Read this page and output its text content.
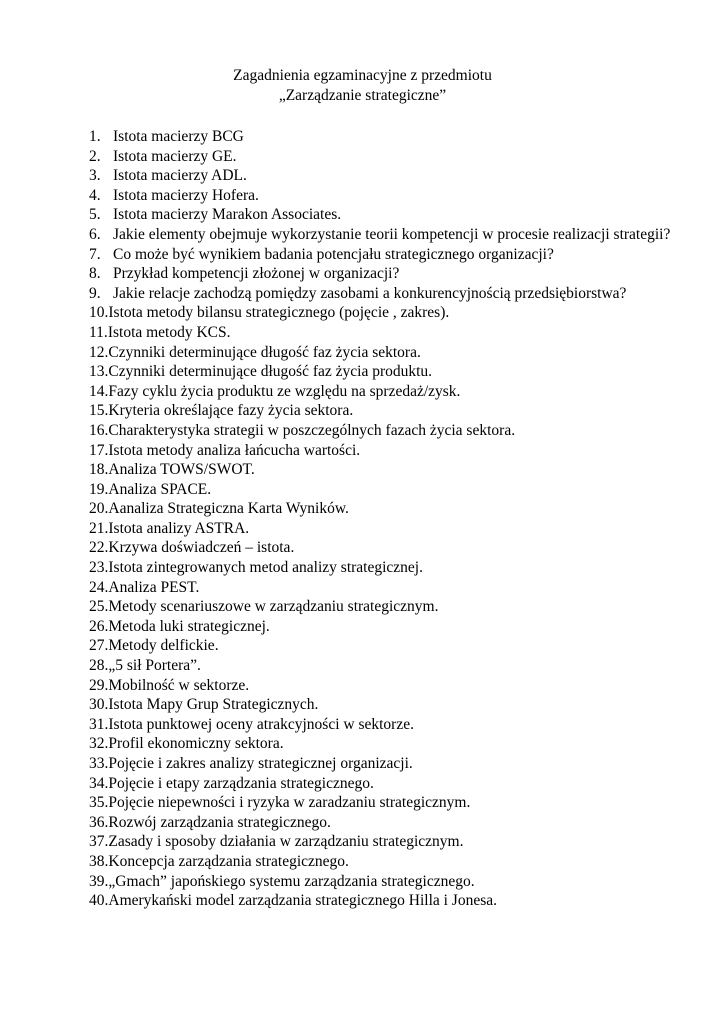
Zagadnienia egzaminacyjne z przedmiotu
„Zarządzanie strategiczne”
1. Istota macierzy BCG
2. Istota macierzy GE.
3. Istota macierzy ADL.
4. Istota macierzy Hofera.
5. Istota macierzy Marakon Associates.
6. Jakie elementy obejmuje wykorzystanie teorii kompetencji w procesie realizacji strategii?
7. Co może być wynikiem badania potencjału strategicznego organizacji?
8. Przykład kompetencji złożonej w organizacji?
9. Jakie relacje zachodzą pomiędzy zasobami a konkurencyjnością przedsiębiorstwa?
10. Istota metody bilansu strategicznego (pojęcie , zakres).
11. Istota metody KCS.
12. Czynniki determinujące długość faz życia sektora.
13. Czynniki determinujące długość faz życia produktu.
14. Fazy cyklu życia produktu ze względu na sprzedaż/zysk.
15. Kryteria określające fazy życia sektora.
16. Charakterystyka strategii w poszczególnych fazach życia sektora.
17. Istota metody analiza łańcucha wartości.
18. Analiza TOWS/SWOT.
19. Analiza SPACE.
20. Aanaliza Strategiczna Karta Wyników.
21. Istota analizy ASTRA.
22. Krzywa doświadczeń – istota.
23. Istota zintegrowanych metod analizy strategicznej.
24. Analiza PEST.
25. Metody scenariuszowe w zarządzaniu strategicznym.
26. Metoda luki strategicznej.
27. Metody delfickie.
28. „5 sił Portera”.
29. Mobilność w sektorze.
30. Istota Mapy Grup Strategicznych.
31. Istota punktowej oceny atrakcyjności w sektorze.
32. Profil ekonomiczny sektora.
33. Pojęcie i zakres analizy strategicznej organizacji.
34. Pojęcie i etapy zarządzania strategicznego.
35. Pojęcie niepewności i ryzyka w zaradzaniu strategicznym.
36. Rozwój zarządzania strategicznego.
37. Zasady i sposoby działania w zarządzaniu strategicznym.
38. Koncepcja zarządzania strategicznego.
39. „Gmach” japońskiego systemu zarządzania strategicznego.
40. Amerykański model zarządzania strategicznego Hilla i Jonesa.
